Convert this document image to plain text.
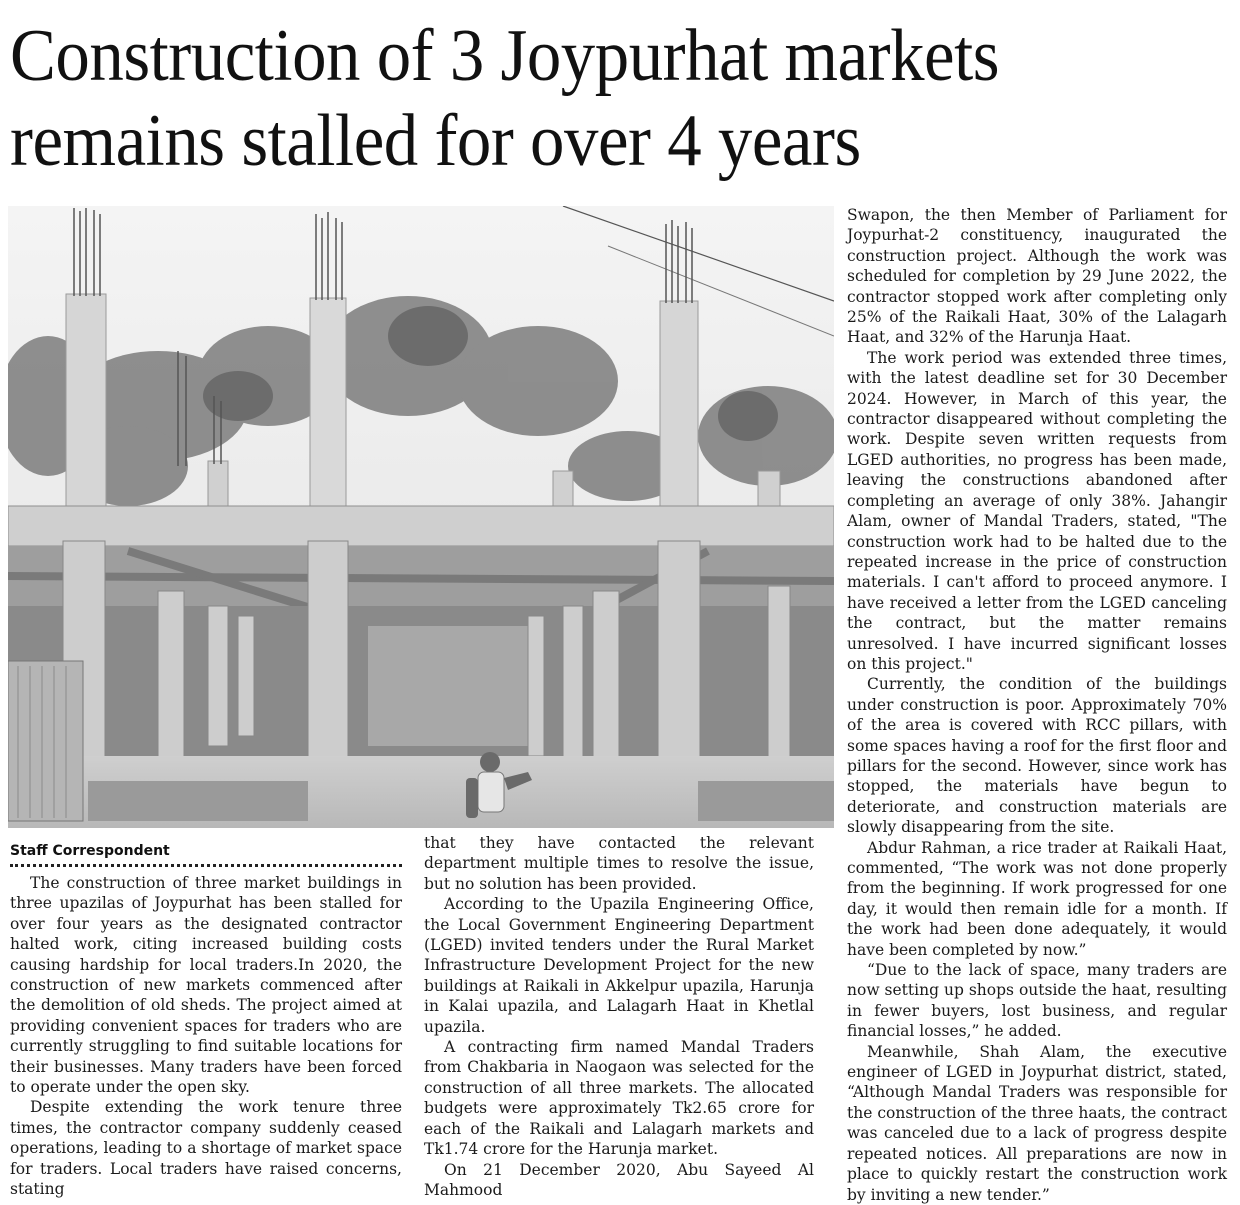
Construction of 3 Joypurhat markets
remains stalled for over 4 years
Staff Correspondent

The construction of three market buildings in three upazilas of Joypurhat has been stalled for over four years as the designated contractor halted work, citing increased building costs causing hardship for local traders.In 2020, the construction of new markets commenced after the demolition of old sheds. The project aimed at providing convenient spaces for traders who are currently struggling to find suitable locations for their businesses. Many traders have been forced to operate under the open sky.

Despite extending the work tenure three times, the contractor company suddenly ceased operations, leading to a shortage of market space for traders. Local traders have raised concerns, stating

that they have contacted the relevant department multiple times to resolve the issue, but no solution has been provided.

According to the Upazila Engineering Office, the Local Government Engineering Department (LGED) invited tenders under the Rural Market Infrastructure Development Project for the new buildings at Raikali in Akkelpur upazila, Harunja in Kalai upazila, and Lalagarh Haat in Khetlal upazila.

A contracting firm named Mandal Traders from Chakbaria in Naogaon was selected for the construction of all three markets. The allocated budgets were approximately Tk2.65 crore for each of the Raikali and Lalagarh markets and Tk1.74 crore for the Harunja market.

On 21 December 2020, Abu Sayeed Al Mahmood

Swapon, the then Member of Parliament for Joypurhat-2 constituency, inaugurated the construction project. Although the work was scheduled for completion by 29 June 2022, the contractor stopped work after completing only 25% of the Raikali Haat, 30% of the Lalagarh Haat, and 32% of the Harunja Haat.

The work period was extended three times, with the latest deadline set for 30 December 2024. However, in March of this year, the contractor disappeared without completing the work. Despite seven written requests from LGED authorities, no progress has been made, leaving the constructions abandoned after completing an average of only 38%. Jahangir Alam, owner of Mandal Traders, stated, "The construction work had to be halted due to the repeated increase in the price of construction materials. I can't afford to proceed anymore. I have received a letter from the LGED canceling the contract, but the matter remains unresolved. I have incurred significant losses on this project."

Currently, the condition of the buildings under construction is poor. Approximately 70% of the area is covered with RCC pillars, with some spaces having a roof for the first floor and pillars for the second. However, since work has stopped, the materials have begun to deteriorate, and construction materials are slowly disappearing from the site.

Abdur Rahman, a rice trader at Raikali Haat, commented, “The work was not done properly from the beginning. If work progressed for one day, it would then remain idle for a month. If the work had been done adequately, it would have been completed by now.”

“Due to the lack of space, many traders are now setting up shops outside the haat, resulting in fewer buyers, lost business, and regular financial losses,” he added.

Meanwhile, Shah Alam, the executive engineer of LGED in Joypurhat district, stated, “Although Mandal Traders was responsible for the construction of the three haats, the contract was canceled due to a lack of progress despite repeated notices. All preparations are now in place to quickly restart the construction work by inviting a new tender.”
